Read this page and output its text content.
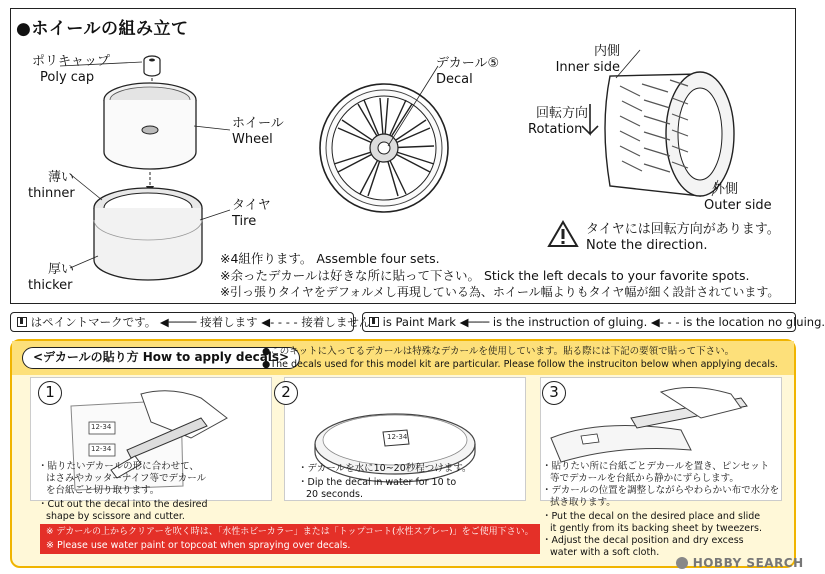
●ホイールの組み立て
ポリキャップ
Poly cap
ホイール
Wheel
薄い
thinner
タイヤ
Tire
厚い
thicker
デカール⑤
Decal
内側
Inner side
回転方向
Rotation
外側
Outer side
タイヤには回転方向があります。
Note the direction.
※4組作ります。 Assemble four sets.
※余ったデカールは好きな所に貼って下さい。 Stick the left decals to your favorite spots.
※引っ張りタイヤをデフォルメし再現している為、ホイール幅よりもタイヤ幅が細く設計されています。
はペイントマークです。 ◀──── 接着します ◀- - - - 接着しません	is Paint Mark ◀─── is the instruction of gluing. ◀- - - is the location no gluing.
<デカールの貼り方 How to apply decals>
●このキットに入ってるデカールは特殊なデカールを使用しています。貼る際には下記の要領で貼って下さい。
●The decals used for this model kit are particular. Please follow the instruciton below when applying decals.
12-34
12-34
1
・貼りたいデカールの形に合わせて、
はさみやカッターナイフ等でデカール
を台紙ごと切り取ります。
・Cut out the decal into the desired
shape by scissore and cutter.
12-34
2
・デカールを水に10~20秒程つけます。
・Dip the decal in water for 10 to
20 seconds.
3
・貼りたい所に台紙ごとデカールを置き、ピンセット
等でデカールを台紙から静かにずらします。
・デカールの位置を調整しながらやわらかい布で水分を
拭き取ります。
・Put the decal on the desired place and slide
it gently from its backing sheet by tweezers.
・Adjust the decal position and dry excess
water with a soft cloth.
※ デカールの上からクリアーを吹く時は、「水性ホビーカラー」または「トップコート(水性スプレー)」をご使用下さい。
※ Please use water paint or topcoat when spraying over decals.
HOBBY SEARCH
